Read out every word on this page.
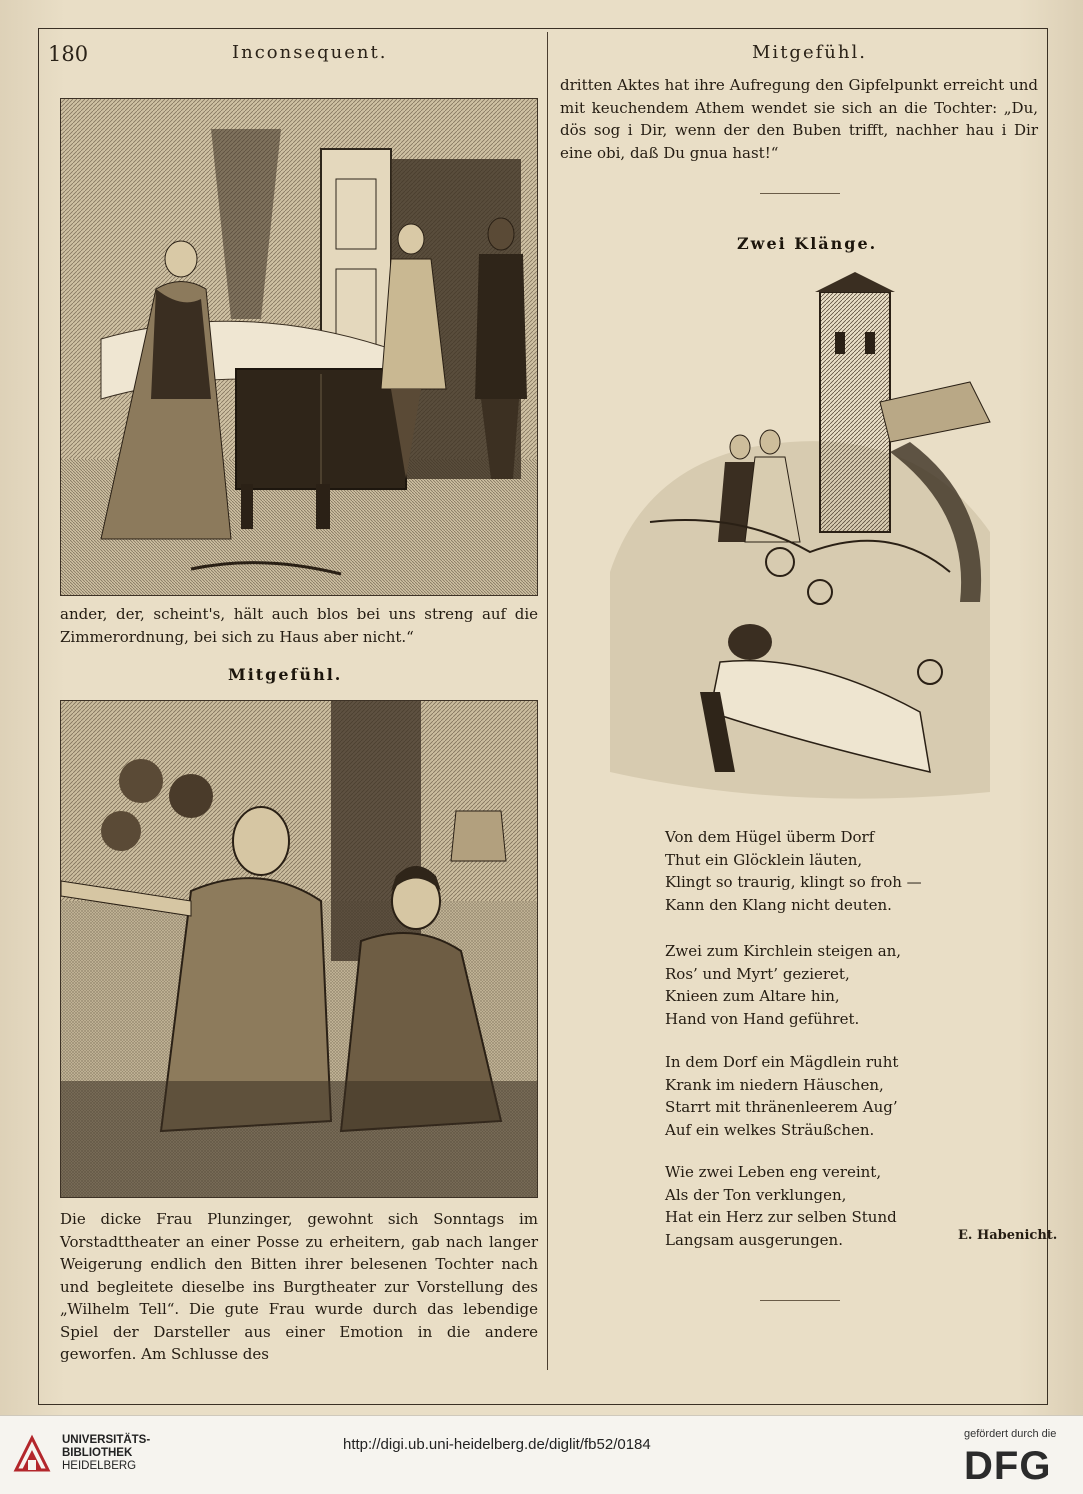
180	Inconsequent.	Mitgefühl.

ander, der, scheint's, hält auch blos bei uns streng auf die Zimmerordnung, bei sich zu Haus aber nicht.“

Mitgefühl.

Die dicke Frau Plunzinger, gewohnt sich Sonntags im Vorstadttheater an einer Posse zu erheitern, gab nach langer Weigerung endlich den Bitten ihrer belesenen Tochter nach und begleitete dieselbe ins Burgtheater zur Vorstellung des „Wilhelm Tell“. Die gute Frau wurde durch das lebendige Spiel der Darsteller aus einer Emotion in die andere geworfen. Am Schlusse des

dritten Aktes hat ihre Aufregung den Gipfelpunkt erreicht und mit keuchendem Athem wendet sie sich an die Tochter: „Du, dös sog i Dir, wenn der den Buben trifft, nachher hau i Dir eine obi, daß Du gnua hast!“

Zwei Klänge.
Von dem Hügel überm Dorf
Thut ein Glöcklein läuten,
Klingt so traurig, klingt so froh —
Kann den Klang nicht deuten.
Zwei zum Kirchlein steigen an,
Ros’ und Myrt’ gezieret,
Knieen zum Altare hin,
Hand von Hand geführet.
In dem Dorf ein Mägdlein ruht
Krank im niedern Häuschen,
Starrt mit thränenleerem Aug’
Auf ein welkes Sträußchen.
Wie zwei Leben eng vereint,
Als der Ton verklungen,
Hat ein Herz zur selben Stund
Langsam ausgerungen.	E. Habenicht.
UNIVERSITÄTS-
BIBLIOTHEK
HEIDELBERG
http://digi.ub.uni-heidelberg.de/diglit/fb52/0184
gefördert durch die
DFG
